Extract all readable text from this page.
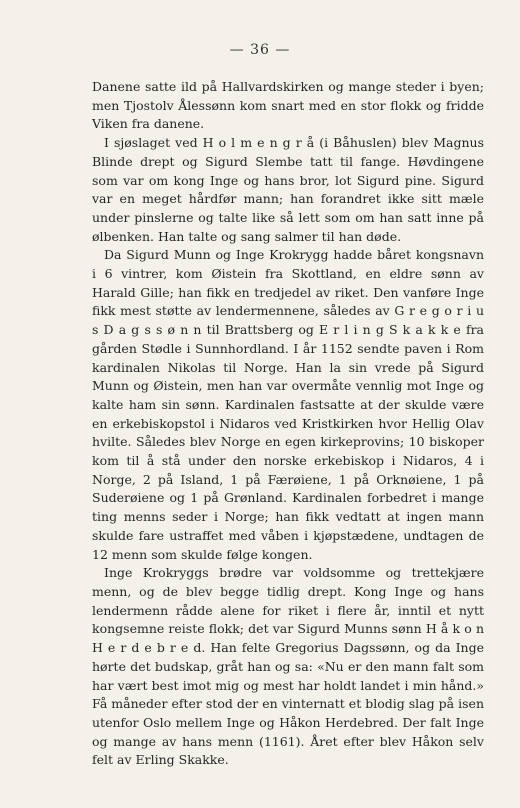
— 36 —

Danene satte ild på Hallvardskirken og mange steder i byen; men Tjostolv Ålessønn kom snart med en stor flokk og fridde Viken fra danene.

I sjøslaget ved H o l m e n g r å (i Båhuslen) blev Magnus Blinde drept og Sigurd Slembe tatt til fange. Høvdingene som var om kong Inge og hans bror, lot Sigurd pine. Sigurd var en meget hårdfør mann; han forandret ikke sitt mæle under pinslerne og talte like så lett som om han satt inne på ølbenken. Han talte og sang salmer til han døde.

Da Sigurd Munn og Inge Krokrygg hadde båret kongsnavn i 6 vintrer, kom Øistein fra Skottland, en eldre sønn av Harald Gille; han fikk en tredjedel av riket. Den vanføre Inge fikk mest støtte av lendermennene, således av G r e g o r i u s D a g s s ø n n til Brattsberg og E r l i n g S k a k k e fra gården Stødle i Sunnhordland. I år 1152 sendte paven i Rom kardinalen Nikolas til Norge. Han la sin vrede på Sigurd Munn og Øistein, men han var overmåte vennlig mot Inge og kalte ham sin sønn. Kardinalen fastsatte at der skulde være en erkebiskopstol i Nidaros ved Kristkirken hvor Hellig Olav hvilte. Således blev Norge en egen kirkeprovins; 10 biskoper kom til å stå under den norske erkebiskop i Nidaros, 4 i Norge, 2 på Island, 1 på Færøiene, 1 på Orknøiene, 1 på Suderøiene og 1 på Grønland. Kardinalen forbedret i mange ting menns seder i Norge; han fikk vedtatt at ingen mann skulde fare ustraffet med våben i kjøpstædene, undtagen de 12 menn som skulde følge kongen.

Inge Krokryggs brødre var voldsomme og trettekjære menn, og de blev begge tidlig drept. Kong Inge og hans lendermenn rådde alene for riket i flere år, inntil et nytt kongsemne reiste flokk; det var Sigurd Munns sønn H å k o n H e r d e b r e d. Han felte Gregorius Dagssønn, og da Inge hørte det budskap, gråt han og sa: «Nu er den mann falt som har vært best imot mig og mest har holdt landet i min hånd.» Få måneder efter stod der en vinternatt et blodig slag på isen utenfor Oslo mellem Inge og Håkon Herdebred. Der falt Inge og mange av hans menn (1161). Året efter blev Håkon selv felt av Erling Skakke.
